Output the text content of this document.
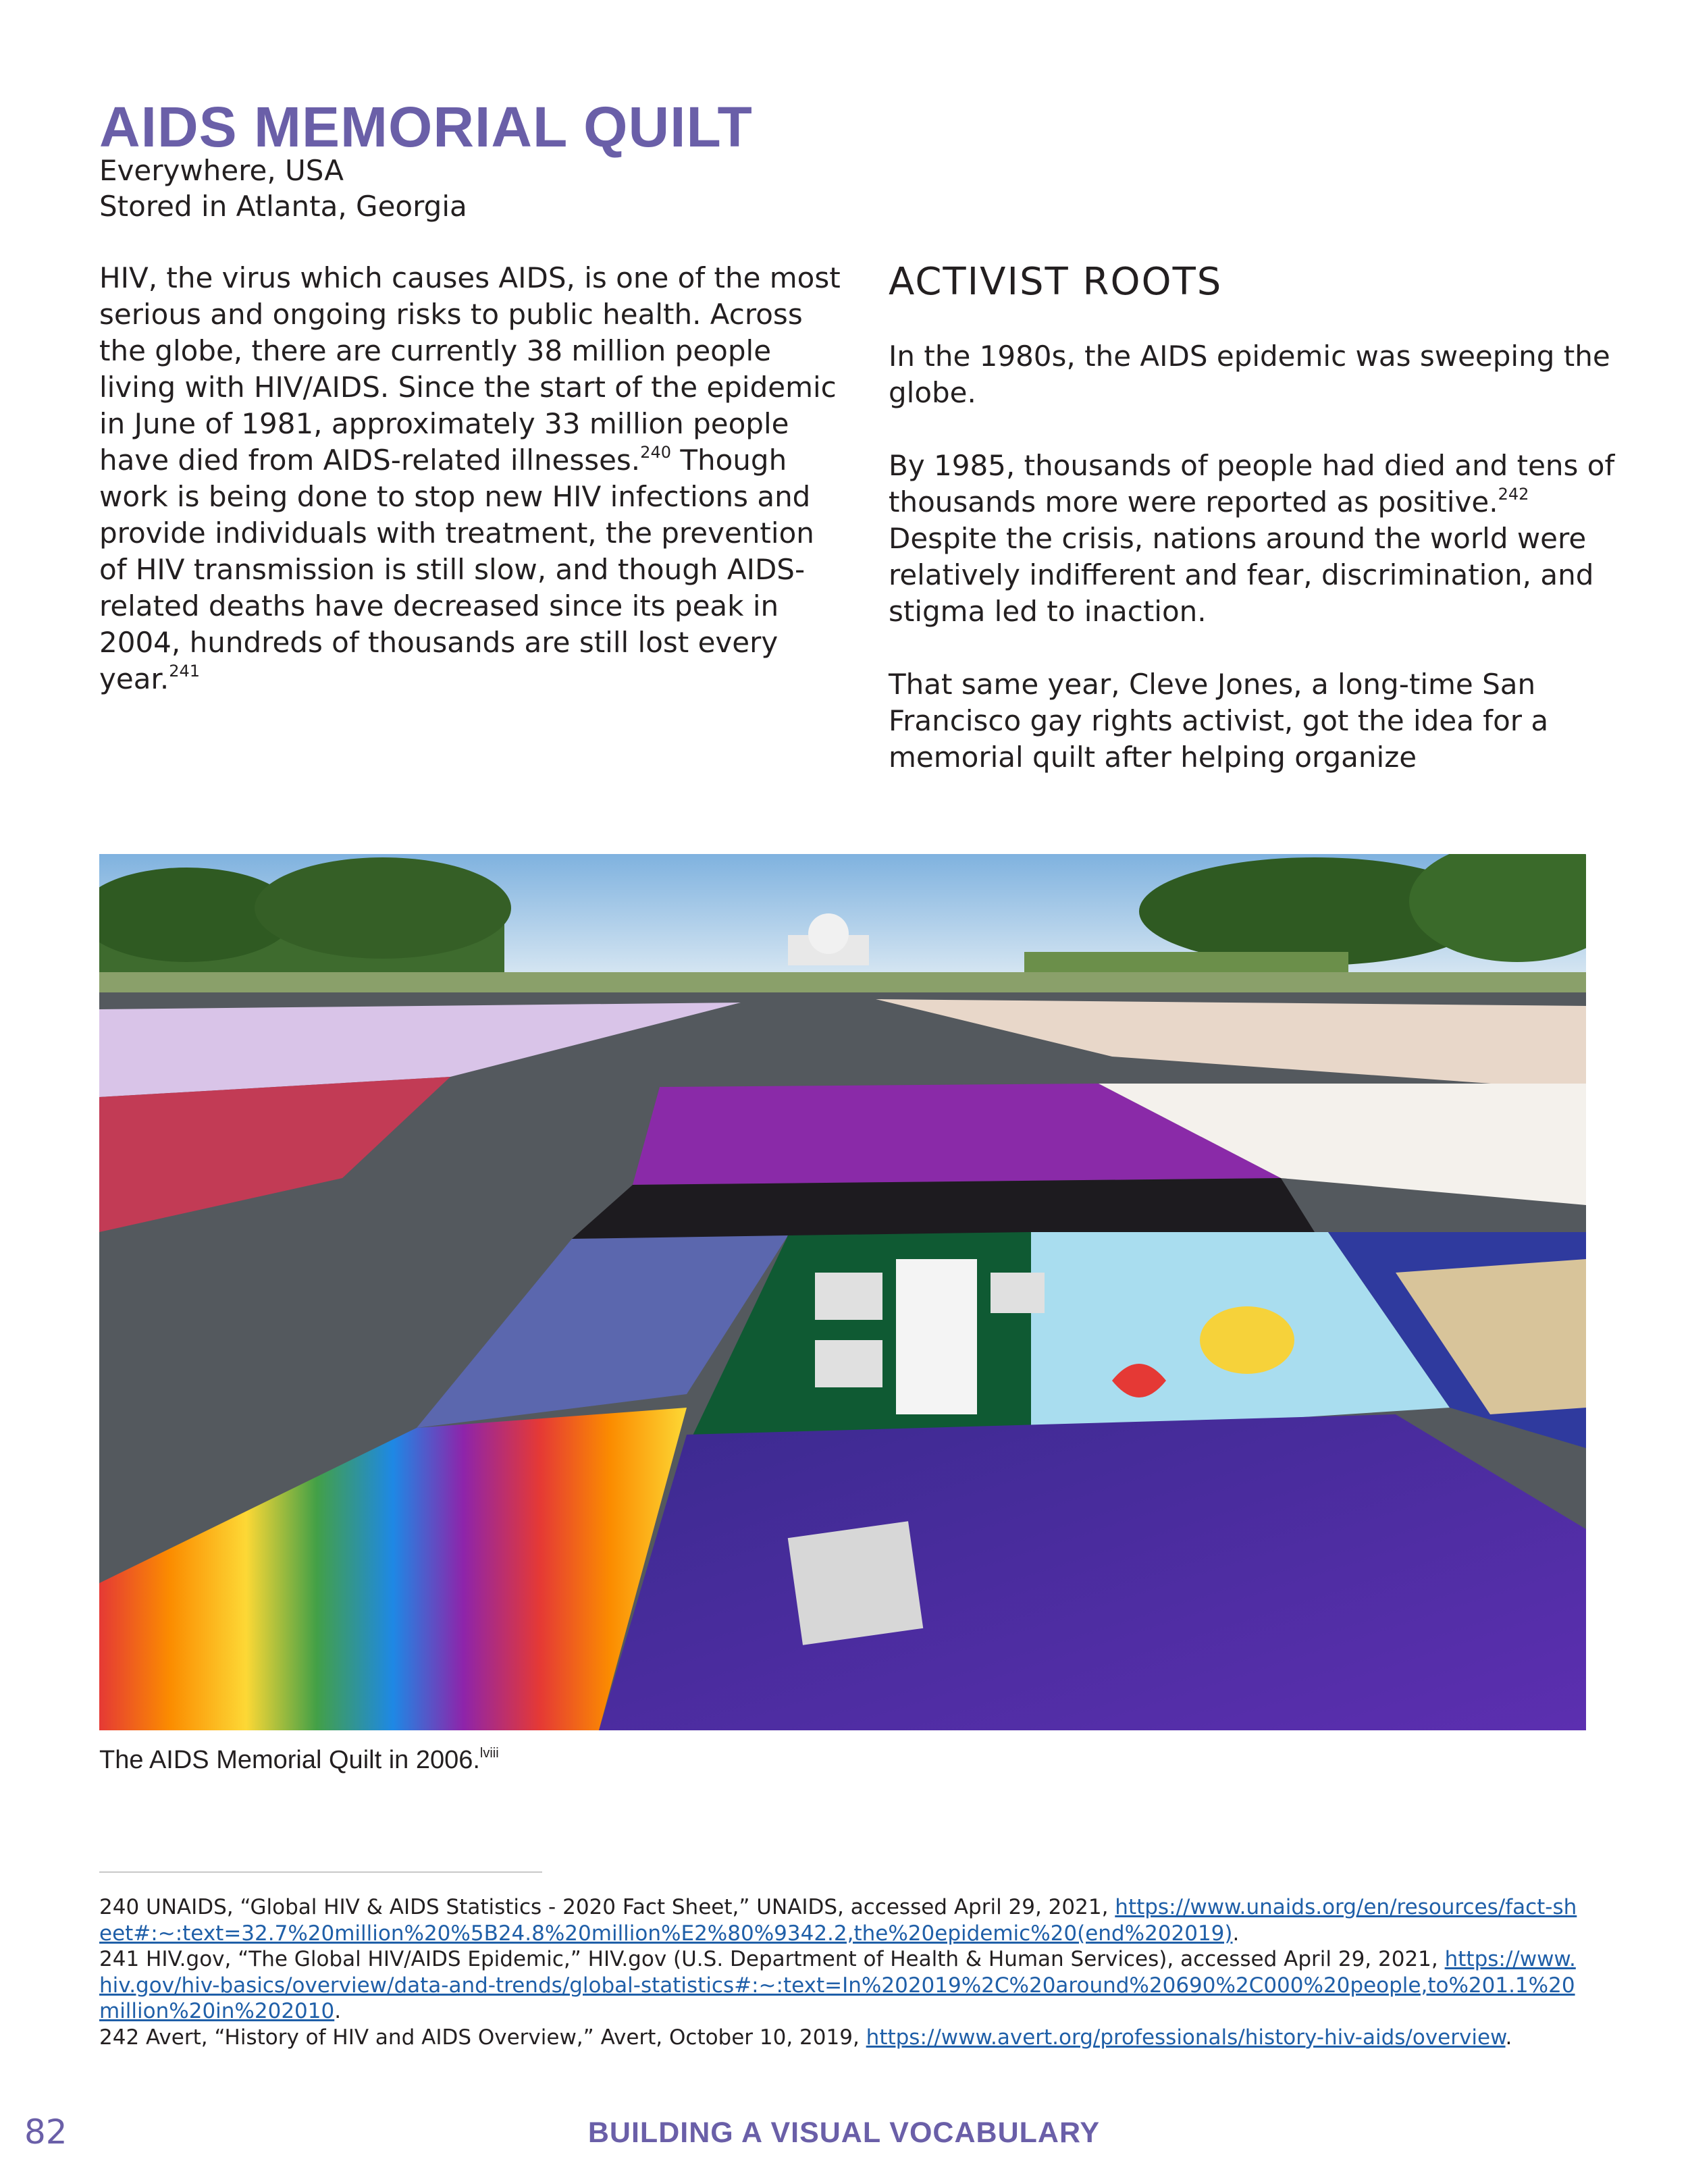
AIDS MEMORIAL QUILT
Everywhere, USA
Stored in Atlanta, Georgia

HIV, the virus which causes AIDS, is one of the most serious and ongoing risks to public health. Across the globe, there are currently 38 million people living with HIV/AIDS. Since the start of the epidemic in June of 1981, approximately 33 million people have died from AIDS-related illnesses.$^{240}$ Though work is being done to stop new HIV infections and provide individuals with treatment, the prevention of HIV transmission is still slow, and though AIDS-related deaths have decreased since its peak in 2004, hundreds of thousands are still lost every year.$^{241}$

ACTIVIST ROOTS

In the 1980s, the AIDS epidemic was sweeping the globe.

By 1985, thousands of people had died and tens of thousands more were reported as positive.$^{242}$ Despite the crisis, nations around the world were relatively indifferent and fear, discrimination, and stigma led to inaction.

That same year, Cleve Jones, a long-time San Francisco gay rights activist, got the idea for a memorial quilt after helping organize

The AIDS Memorial Quilt in 2006.$^{lviii}$

240 UNAIDS, “Global HIV & AIDS Statistics - 2020 Fact Sheet,” UNAIDS, accessed April 29, 2021, https://www.unaids.org/en/resources/fact-sheet#:~:text=32.7%20million%20%5B24.8%20million%E2%80%9342.2,the%20epidemic%20(end%202019).

241 HIV.gov, “The Global HIV/AIDS Epidemic,” HIV.gov (U.S. Department of Health & Human Services), accessed April 29, 2021, https://www.hiv.gov/hiv-basics/overview/data-and-trends/global-statistics#:~:text=In%202019%2C%20around%20690%2C000%20people,to%201.1%20million%20in%202010.

242 Avert, “History of HIV and AIDS Overview,” Avert, October 10, 2019, https://www.avert.org/professionals/history-hiv-aids/overview.

82	BUILDING A VISUAL VOCABULARY
